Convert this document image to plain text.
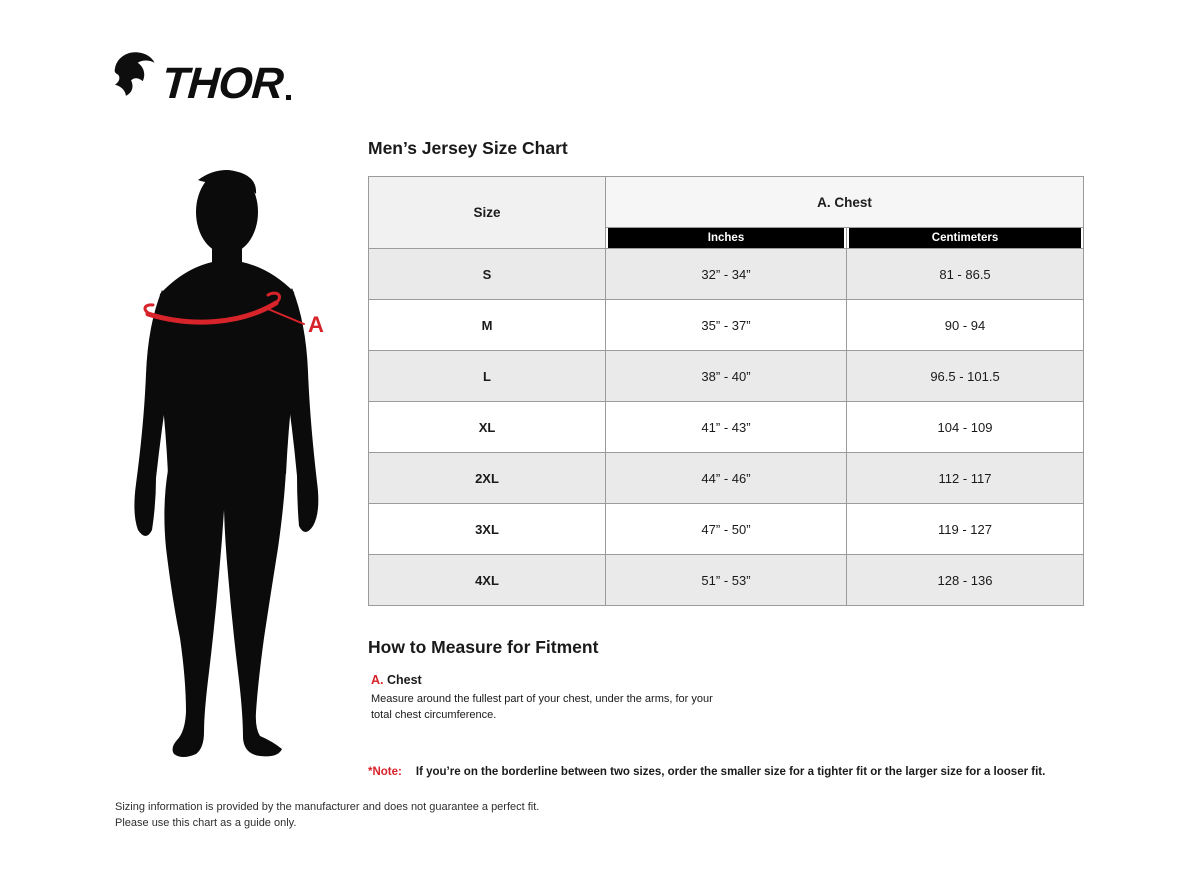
THOR
A
Men’s Jersey Size Chart
Size	A. Chest	

Inches	Centimeters

S	32” - 34”	81 - 86.5
M	35” - 37”	90 - 94
L	38” - 40”	96.5 - 101.5
XL	41” - 43”	104 - 109
2XL	44” - 46”	112 - 117
3XL	47” - 50”	119 - 127
4XL	51” - 53”	128 - 136
How to Measure for Fitment
A. Chest
Measure around the fullest part of your chest, under the arms, for your total chest circumference.
*Note: If you’re on the borderline between two sizes, order the smaller size for a tighter fit or the larger size for a looser fit.
Sizing information is provided by the manufacturer and does not guarantee a perfect fit.
Please use this chart as a guide only.
